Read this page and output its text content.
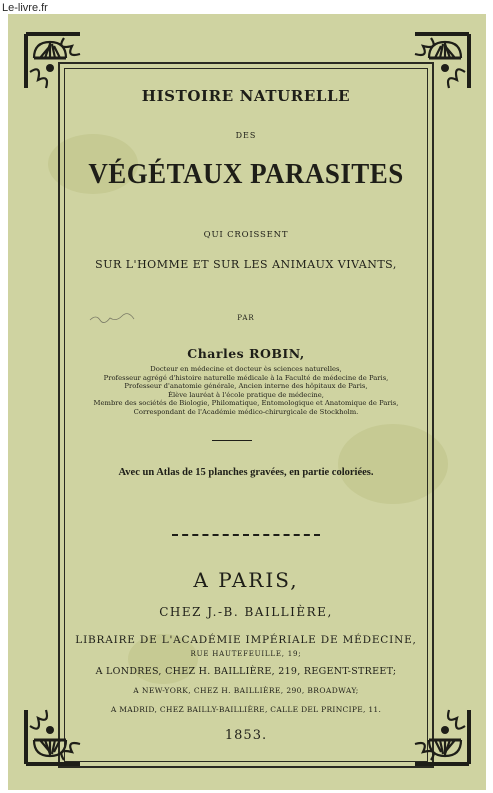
Le-livre.fr
HISTOIRE NATURELLE
DES
VÉGÉTAUX PARASITES
QUI CROISSENT
SUR L'HOMME ET SUR LES ANIMAUX VIVANTS,
PAR
Charles ROBIN,
Docteur en médecine et docteur ès sciences naturelles,
Professeur agrégé d'histoire naturelle médicale à la Faculté de médecine de Paris,
Professeur d'anatomie générale, Ancien interne des hôpitaux de Paris,
Élève lauréat à l'école pratique de médecine,
Membre des sociétés de Biologie, Philomatique, Entomologique et Anatomique de Paris,
Correspondant de l'Académie médico-chirurgicale de Stockholm.
Avec un Atlas de 15 planches gravées, en partie coloriées.
A PARIS,
CHEZ J.-B. BAILLIÈRE,
LIBRAIRE DE L'ACADÉMIE IMPÉRIALE DE MÉDECINE,
RUE HAUTEFEUILLE, 19;
A LONDRES, CHEZ H. BAILLIÈRE, 219, REGENT-STREET;
A NEW-YORK, CHEZ H. BAILLIÈRE, 290, BROADWAY;
A MADRID, CHEZ BAILLY-BAILLIÈRE, CALLE DEL PRINCIPE, 11.
1853.
